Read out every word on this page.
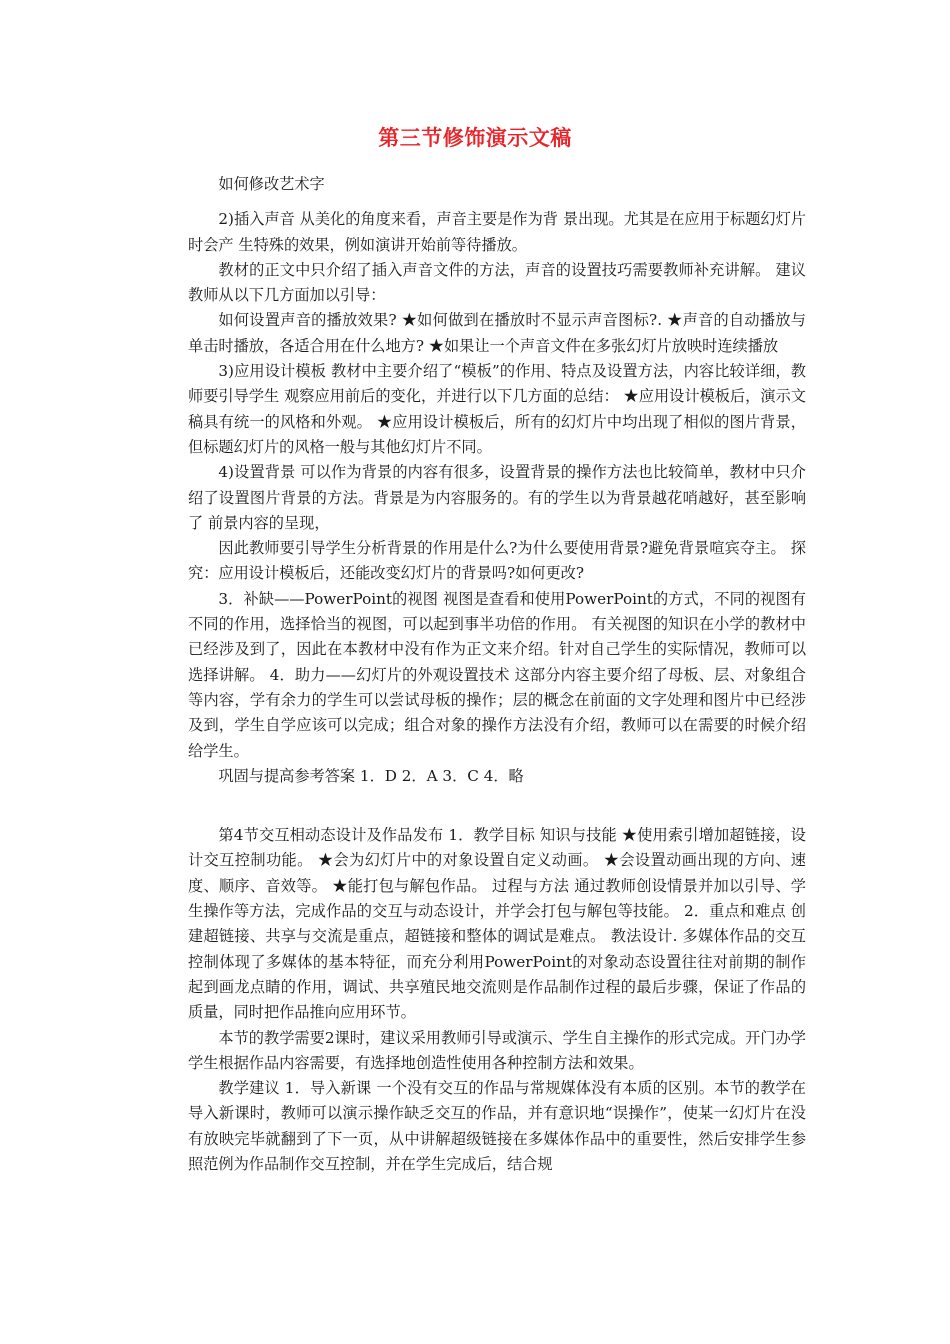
第三节修饰演示文稿

如何修改艺术字

2)插入声音 从美化的角度来看，声音主要是作为背 景出现。尤其是在应用于标题幻灯片时会产 生特殊的效果，例如演讲开始前等待播放。

教材的正文中只介绍了插入声音文件的方法，声音的设置技巧需要教师补充讲解。 建议教师从以下几方面加以引导：

如何设置声音的播放效果? ★如何做到在播放时不显示声音图标?. ★声音的自动播放与单击时播放，各适合用在什么地方? ★如果让一个声音文件在多张幻灯片放映时连续播放

3)应用设计模板 教材中主要介绍了“模板”的作用、特点及设置方法，内容比较详细，教师要引导学生 观察应用前后的变化，并进行以下几方面的总结： ★应用设计模板后，演示文稿具有统一的风格和外观。 ★应用设计模板后，所有的幻灯片中均出现了相似的图片背景，但标题幻灯片的风格一般与其他幻灯片不同。

4)设置背景 可以作为背景的内容有很多，设置背景的操作方法也比较简单，教材中只介绍了设置图片背景的方法。背景是为内容服务的。有的学生以为背景越花哨越好，甚至影响了 前景内容的呈现，

因此教师要引导学生分析背景的作用是什么?为什么要使用背景?避免背景喧宾夺主。 探究：应用设计模板后，还能改变幻灯片的背景吗?如何更改?

3．补缺——PowerPoint的视图 视图是查看和使用PowerPoint的方式，不同的视图有不同的作用，选择恰当的视图，可以起到事半功倍的作用。 有关视图的知识在小学的教材中已经涉及到了，因此在本教材中没有作为正文来介绍。针对自己学生的实际情况，教师可以选择讲解。 4．助力——幻灯片的外观设置技术 这部分内容主要介绍了母板、层、对象组合等内容，学有余力的学生可以尝试母板的操作；层的概念在前面的文字处理和图片中已经涉及到，学生自学应该可以完成；组合对象的操作方法没有介绍，教师可以在需要的时候介绍给学生。

巩固与提高参考答案 1．D 2．A 3．C 4．略

第4节交互相动态设计及作品发布 1．教学目标 知识与技能 ★使用索引增加超链接，设计交互控制功能。 ★会为幻灯片中的对象设置自定义动画。 ★会设置动画出现的方向、速度、顺序、音效等。 ★能打包与解包作品。 过程与方法 通过教师创设情景并加以引导、学生操作等方法，完成作品的交互与动态设计，并学会打包与解包等技能。 2．重点和难点 创建超链接、共享与交流是重点，超链接和整体的调试是难点。 教法设计. 多媒体作品的交互控制体现了多媒体的基本特征，而充分利用PowerPoint的对象动态设置往往对前期的制作起到画龙点睛的作用，调试、共享殖民地交流则是作品制作过程的最后步骤，保证了作品的质量，同时把作品推向应用环节。

本节的教学需要2课时，建议采用教师引导或演示、学生自主操作的形式完成。开门办学学生根据作品内容需要，有选择地创造性使用各种控制方法和效果。

教学建议 1．导入新课 一个没有交互的作品与常规媒体没有本质的区别。本节的教学在导入新课时，教师可以演示操作缺乏交互的作品，并有意识地“误操作”，使某一幻灯片在没有放映完毕就翻到了下一页，从中讲解超级链接在多媒体作品中的重要性，然后安排学生参照范例为作品制作交互控制，并在学生完成后，结合规
